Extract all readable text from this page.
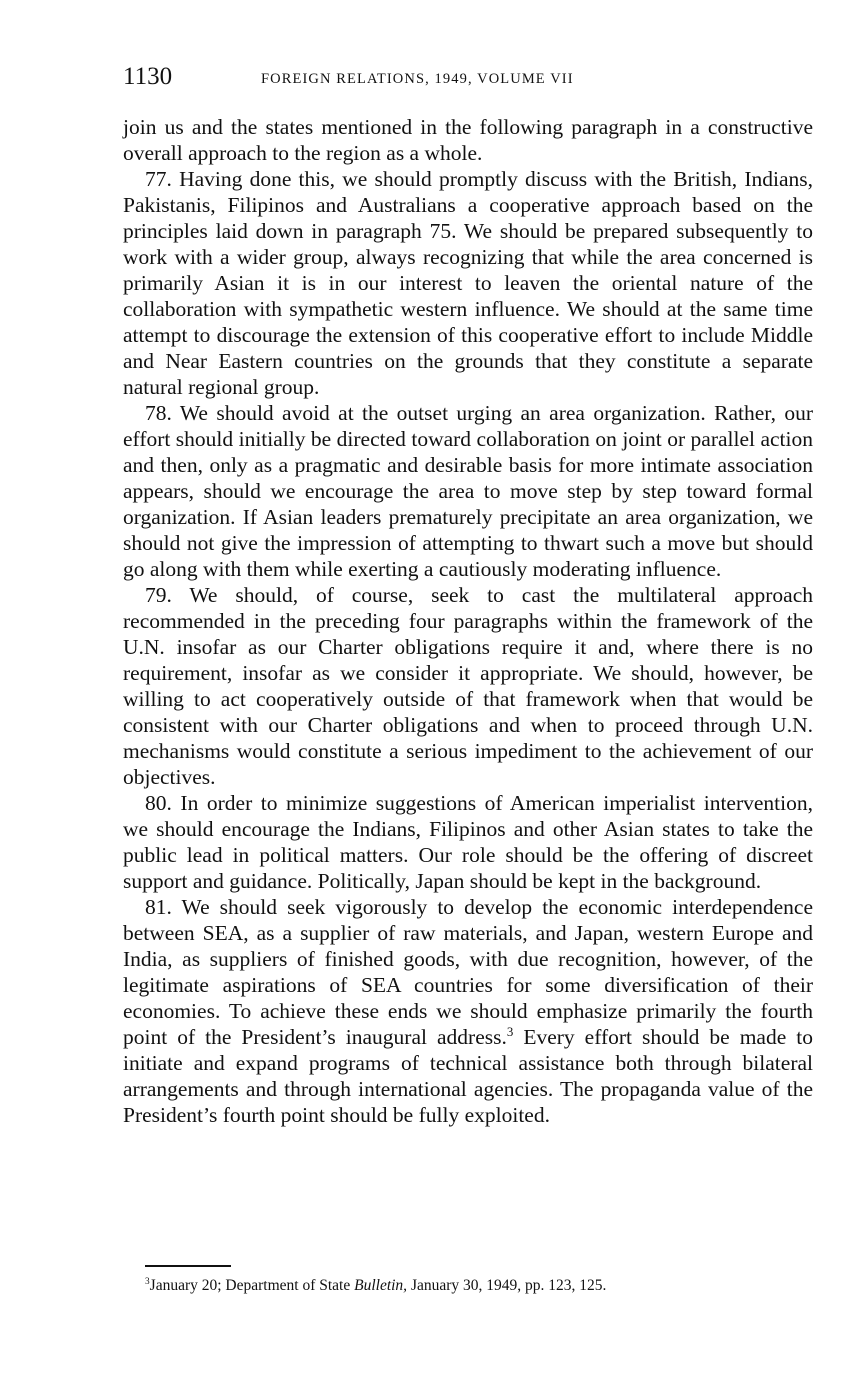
1130	FOREIGN RELATIONS, 1949, VOLUME VII

join us and the states mentioned in the following paragraph in a constructive overall approach to the region as a whole.

77. Having done this, we should promptly discuss with the British, Indians, Pakistanis, Filipinos and Australians a cooperative approach based on the principles laid down in paragraph 75. We should be prepared subsequently to work with a wider group, always recognizing that while the area concerned is primarily Asian it is in our interest to leaven the oriental nature of the collaboration with sympathetic western influence. We should at the same time attempt to discourage the extension of this cooperative effort to include Middle and Near Eastern countries on the grounds that they constitute a separate natural regional group.

78. We should avoid at the outset urging an area organization. Rather, our effort should initially be directed toward collaboration on joint or parallel action and then, only as a pragmatic and desirable basis for more intimate association appears, should we encourage the area to move step by step toward formal organization. If Asian leaders prematurely precipitate an area organization, we should not give the impression of attempting to thwart such a move but should go along with them while exerting a cautiously moderating influence.

79. We should, of course, seek to cast the multilateral approach recommended in the preceding four paragraphs within the framework of the U.N. insofar as our Charter obligations require it and, where there is no requirement, insofar as we consider it appropriate. We should, however, be willing to act cooperatively outside of that framework when that would be consistent with our Charter obligations and when to proceed through U.N. mechanisms would constitute a serious impediment to the achievement of our objectives.

80. In order to minimize suggestions of American imperialist intervention, we should encourage the Indians, Filipinos and other Asian states to take the public lead in political matters. Our role should be the offering of discreet support and guidance. Politically, Japan should be kept in the background.

81. We should seek vigorously to develop the economic interdependence between SEA, as a supplier of raw materials, and Japan, western Europe and India, as suppliers of finished goods, with due recognition, however, of the legitimate aspirations of SEA countries for some diversification of their economies. To achieve these ends we should emphasize primarily the fourth point of the President’s inaugural address.$^3$ Every effort should be made to initiate and expand programs of technical assistance both through bilateral arrangements and through international agencies. The propaganda value of the President’s fourth point should be fully exploited.

$^3$January 20; Department of State Bulletin, January 30, 1949, pp. 123, 125.
